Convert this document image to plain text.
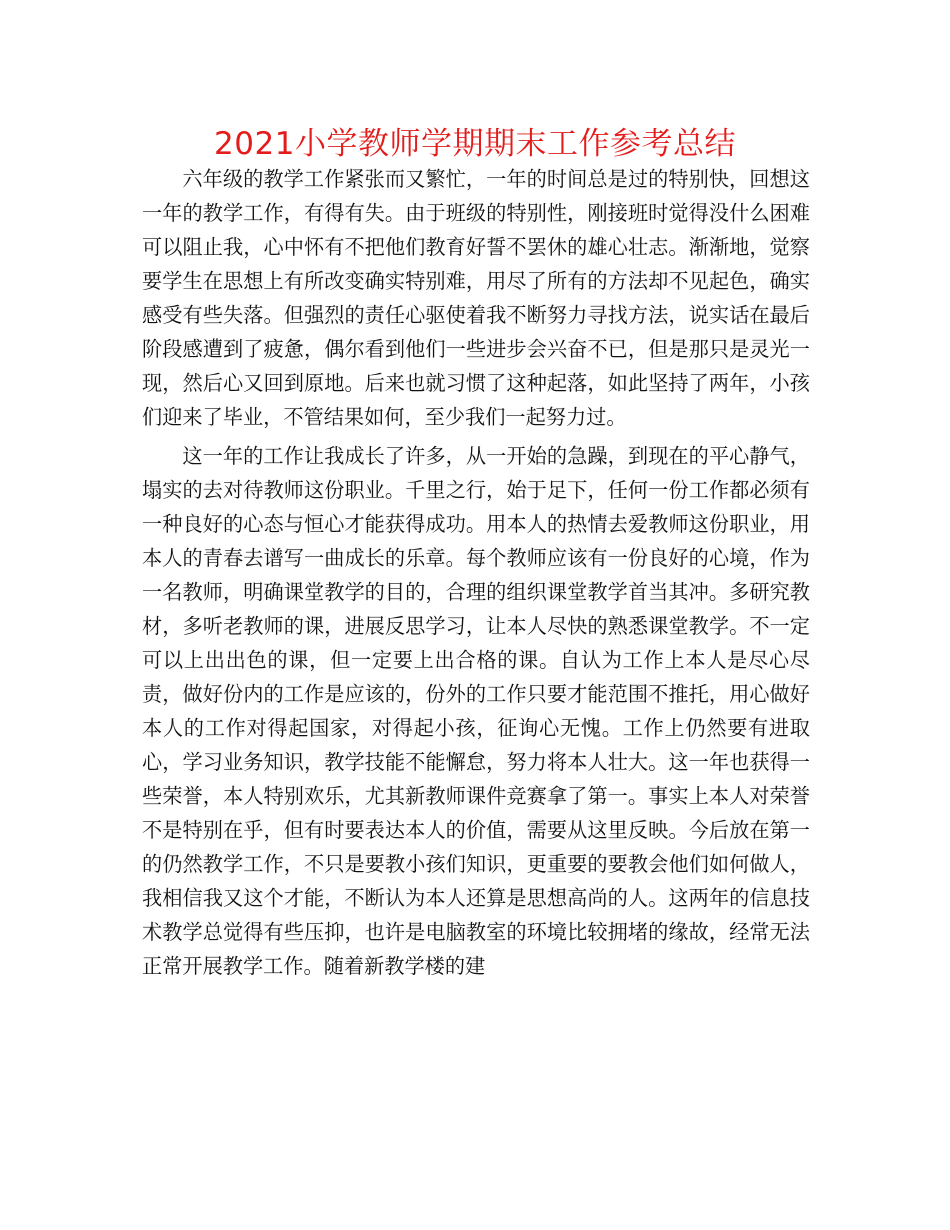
2021小学教师学期期末工作参考总结

六年级的教学工作紧张而又繁忙，一年的时间总是过的特别快，回想这一年的教学工作，有得有失。由于班级的特别性，刚接班时觉得没什么困难可以阻止我，心中怀有不把他们教育好誓不罢休的雄心壮志。渐渐地，觉察要学生在思想上有所改变确实特别难，用尽了所有的方法却不见起色，确实感受有些失落。但强烈的责任心驱使着我不断努力寻找方法，说实话在最后阶段感遭到了疲惫，偶尔看到他们一些进步会兴奋不已，但是那只是灵光一现，然后心又回到原地。后来也就习惯了这种起落，如此坚持了两年，小孩们迎来了毕业，不管结果如何，至少我们一起努力过。

这一年的工作让我成长了许多，从一开始的急躁，到现在的平心静气，塌实的去对待教师这份职业。千里之行，始于足下，任何一份工作都必须有一种良好的心态与恒心才能获得成功。用本人的热情去爱教师这份职业，用本人的青春去谱写一曲成长的乐章。每个教师应该有一份良好的心境，作为一名教师，明确课堂教学的目的，合理的组织课堂教学首当其冲。多研究教材，多听老教师的课，进展反思学习，让本人尽快的熟悉课堂教学。不一定可以上出出色的课，但一定要上出合格的课。自认为工作上本人是尽心尽责，做好份内的工作是应该的，份外的工作只要才能范围不推托，用心做好本人的工作对得起国家，对得起小孩，征询心无愧。工作上仍然要有进取心，学习业务知识，教学技能不能懈怠，努力将本人壮大。这一年也获得一些荣誉，本人特别欢乐，尤其新教师课件竞赛拿了第一。事实上本人对荣誉不是特别在乎，但有时要表达本人的价值，需要从这里反映。今后放在第一的仍然教学工作，不只是要教小孩们知识，更重要的要教会他们如何做人，我相信我又这个才能，不断认为本人还算是思想高尚的人。这两年的信息技术教学总觉得有些压抑，也许是电脑教室的环境比较拥堵的缘故，经常无法正常开展教学工作。随着新教学楼的建
